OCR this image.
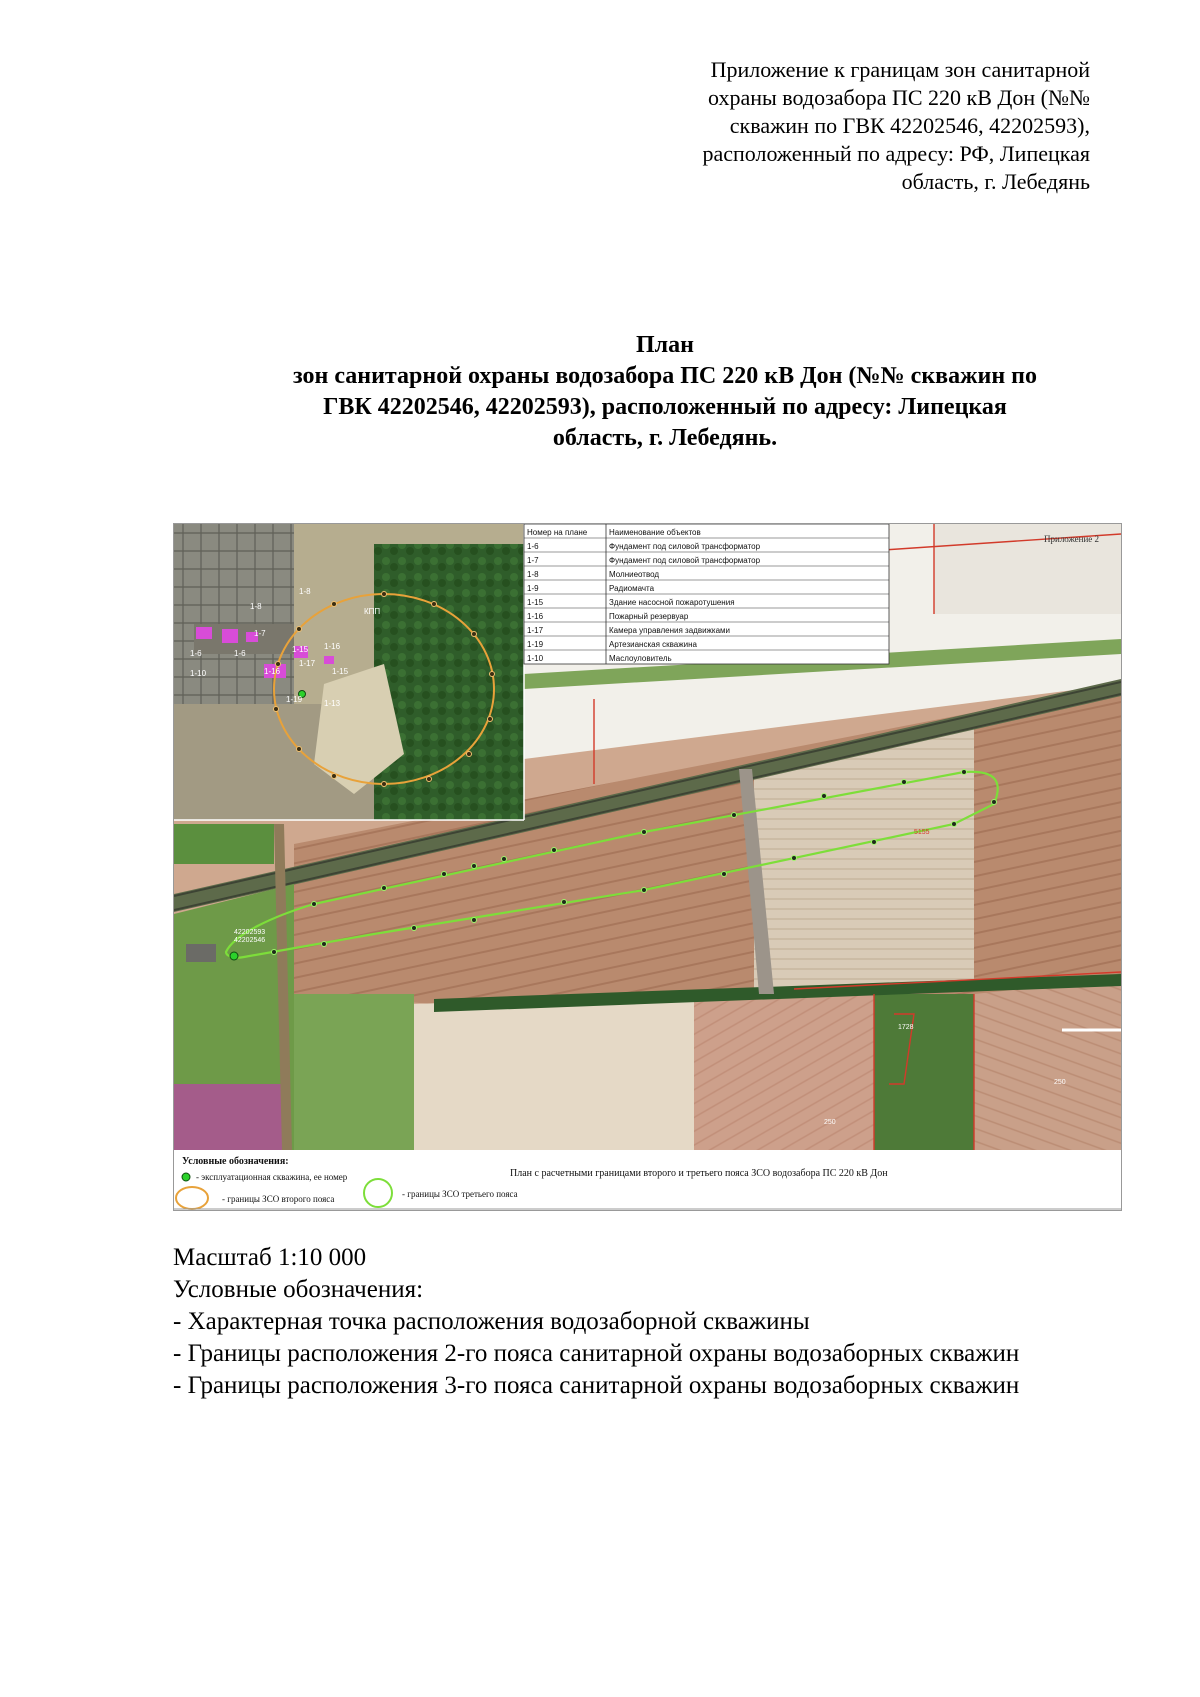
Приложение к границам зон санитарной
охраны водозабора ПС 220 кВ Дон (№№
скважин по ГВК 42202546, 42202593),
расположенный по адресу: РФ, Липецкая
область, г. Лебедянь
План
зон санитарной охраны водозабора ПС 220 кВ Дон (№№ скважин по
ГВК 42202546, 42202593), расположенный по адресу: Липецкая
область, г. Лебедянь.
42202593
42202546
1728
250
250
5155
Приложение 2
КПП
1-6	1-6
1-7
1-8
1-8
1-10
1-15
1-15
1-16
1-16
1-17
1-19	1-13
Номер на плане	Наименование объектов
1-6	Фундамент под силовой трансформатор
1-7	Фундамент под силовой трансформатор
1-8	Молниеотвод
1-9	Радиомачта
1-15	Здание насосной пожаротушения
1-16	Пожарный резервуар
1-17	Камера управления задвижками
1-19	Артезианская скважина
1-10	Маслоуловитель
Условные обозначения:
- эксплуатационная скважина, ее номер
- границы ЗСО второго пояса	- границы ЗСО третьего пояса
План с расчетными границами второго и третьего пояса ЗСО водозабора ПС 220 кВ Дон
Масштаб 1:10 000
Условные обозначения:
- Характерная точка расположения водозаборной скважины
- Границы расположения 2-го пояса санитарной охраны водозаборных скважин
- Границы расположения 3-го пояса санитарной охраны водозаборных скважин
